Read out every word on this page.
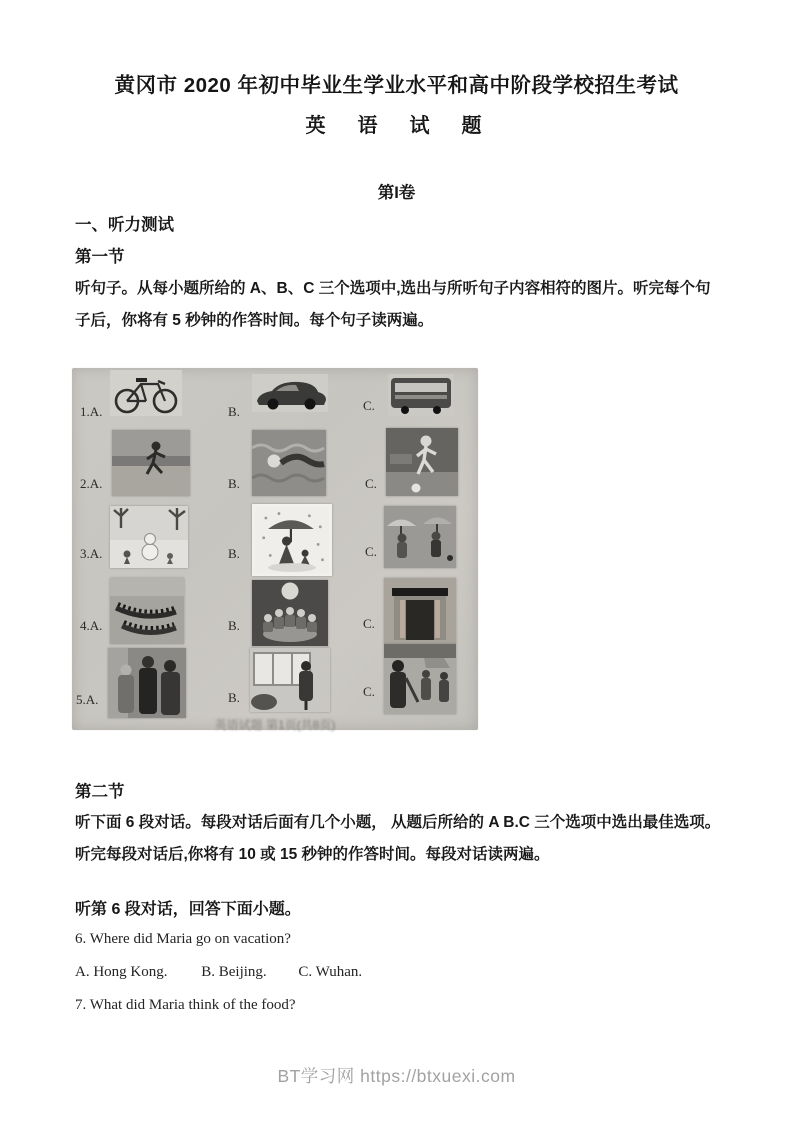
黄冈市 2020 年初中毕业生学业水平和高中阶段学校招生考试
英　语　试　题
第I卷
一、听力测试
第一节
听句子。从每小题所给的 A、B、C 三个选项中,选出与所听句子内容相符的图片。听完每个句
子后，你将有 5 秒钟的作答时间。每个句子读两遍。
1.A.	B.	C.
2.A.	B.	C.
3.A.	B.	C.
4.A.	B.	C.
5.A.	B.	C.
英语试题 第1页(共8页)
第二节
听下面 6 段对话。每段对话后面有几个小题， 从题后所给的 A B.C 三个选项中选出最佳选项。
听完每段对话后,你将有 10 或 15 秒钟的作答时间。每段对话读两遍。
听第 6 段对话，回答下面小题。
6. Where did Maria go on vacation?
A. Hong Kong. B. Beijing. C. Wuhan.
7. What did Maria think of the food?
BT学习网 https://btxuexi.com
